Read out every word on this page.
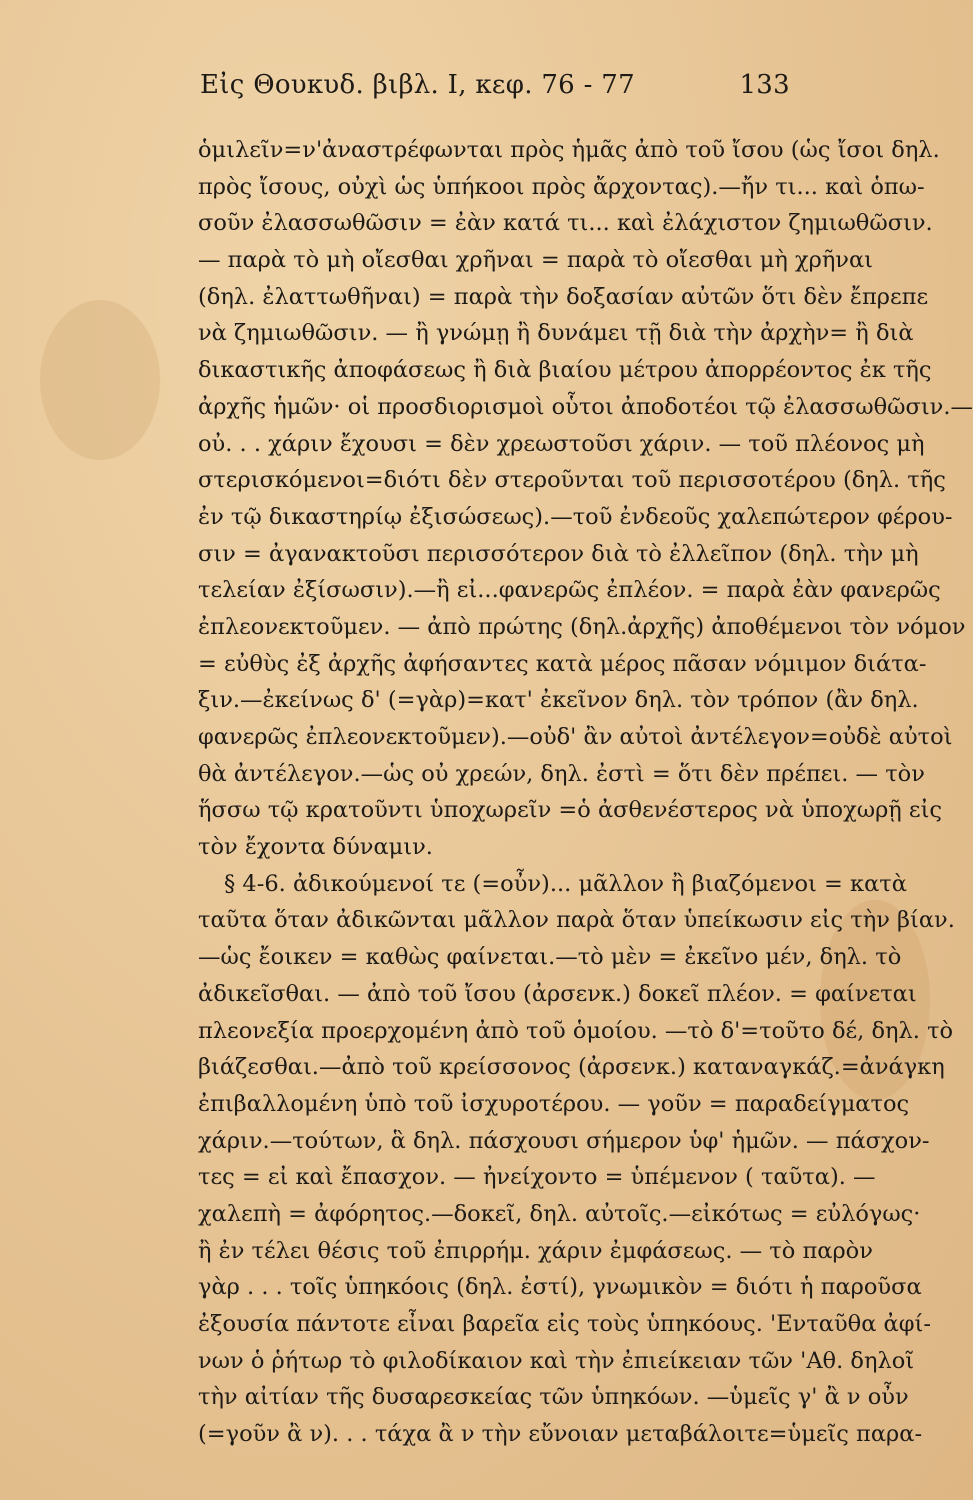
Εἰς Θουκυδ. βιβλ. I, κεφ. 76 - 77	133
ὁμιλεῖν=ν'ἀναστρέφωνται πρὸς ἡμᾶς ἀπὸ τοῦ ἴσου (ὡς ἴσοι δηλ.
πρὸς ἴσους, οὐχὶ ὡς ὑπήκοοι πρὸς ἄρχοντας).—ἤν τι... καὶ ὁπω-
σοῦν ἐλασσωθῶσιν = ἐὰν κατά τι... καὶ ἐλάχιστον ζημιωθῶσιν.
— παρὰ τὸ μὴ οἴεσθαι χρῆναι = παρὰ τὸ οἴεσθαι μὴ χρῆναι
(δηλ. ἐλαττωθῆναι) = παρὰ τὴν δοξασίαν αὐτῶν ὅτι δὲν ἔπρεπε
νὰ ζημιωθῶσιν. — ἢ γνώμῃ ἢ δυνάμει τῇ διὰ τὴν ἀρχὴν= ἢ διὰ
δικαστικῆς ἀποφάσεως ἢ διὰ βιαίου μέτρου ἀπορρέοντος ἐκ τῆς
ἀρχῆς ἡμῶν· οἱ προσδιορισμοὶ οὗτοι ἀποδοτέοι τῷ ἐλασσωθῶσιν.—
οὐ. . . χάριν ἔχουσι = δὲν χρεωστοῦσι χάριν. — τοῦ πλέονος μὴ
στερισκόμενοι=διότι δὲν στεροῦνται τοῦ περισσοτέρου (δηλ. τῆς
ἐν τῷ δικαστηρίῳ ἐξισώσεως).—τοῦ ἐνδεοῦς χαλεπώτερον φέρου-
σιν = ἀγανακτοῦσι περισσότερον διὰ τὸ ἐλλεῖπον (δηλ. τὴν μὴ
τελείαν ἐξίσωσιν).—ἢ εἰ...φανερῶς ἐπλέον. = παρὰ ἐὰν φανερῶς
ἐπλεονεκτοῦμεν. — ἀπὸ πρώτης (δηλ.ἀρχῆς) ἀποθέμενοι τὸν νόμον
= εὐθὺς ἐξ ἀρχῆς ἀφήσαντες κατὰ μέρος πᾶσαν νόμιμον διάτα-
ξιν.—ἐκείνως δ' (=γὰρ)=κατ' ἐκεῖνον δηλ. τὸν τρόπον (ἂν δηλ.
φανερῶς ἐπλεονεκτοῦμεν).—οὐδ' ἂν αὐτοὶ ἀντέλεγον=οὐδὲ αὐτοὶ
θὰ ἀντέλεγον.—ὡς οὐ χρεών, δηλ. ἐστὶ = ὅτι δὲν πρέπει. — τὸν
ἥσσω τῷ κρατοῦντι ὑποχωρεῖν =ὁ ἀσθενέστερος νὰ ὑποχωρῇ εἰς
τὸν ἔχοντα δύναμιν.
§ 4-6. ἀδικούμενοί τε (=οὖν)... μᾶλλον ἢ βιαζόμενοι = κατὰ
ταῦτα ὅταν ἀδικῶνται μᾶλλον παρὰ ὅταν ὑπείκωσιν εἰς τὴν βίαν.
—ὡς ἔοικεν = καθὼς φαίνεται.—τὸ μὲν = ἐκεῖνο μέν, δηλ. τὸ
ἀδικεῖσθαι. — ἀπὸ τοῦ ἴσου (ἀρσενκ.) δοκεῖ πλέον. = φαίνεται
πλεονεξία προερχομένη ἀπὸ τοῦ ὁμοίου. —τὸ δ'=τοῦτο δέ, δηλ. τὸ
βιάζεσθαι.—ἀπὸ τοῦ κρείσσονος (ἀρσενκ.) καταναγκάζ.=ἀνάγκη
ἐπιβαλλομένη ὑπὸ τοῦ ἰσχυροτέρου. — γοῦν = παραδείγματος
χάριν.—τούτων, ἃ δηλ. πάσχουσι σήμερον ὑφ' ἡμῶν. — πάσχον-
τες = εἰ καὶ ἔπασχον. — ἠνείχοντο = ὑπέμενον ( ταῦτα). —
χαλεπὴ = ἀφόρητος.—δοκεῖ, δηλ. αὐτοῖς.—εἰκότως = εὐλόγως·
ἢ ἐν τέλει θέσις τοῦ ἐπιρρήμ. χάριν ἐμφάσεως. — τὸ παρὸν
γὰρ . . . τοῖς ὑπηκόοις (δηλ. ἐστί), γνωμικὸν = διότι ἡ παροῦσα
ἐξουσία πάντοτε εἶναι βαρεῖα εἰς τοὺς ὑπηκόους. 'Ενταῦθα ἀφί-
νων ὁ ῥήτωρ τὸ φιλοδίκαιον καὶ τὴν ἐπιείκειαν τῶν 'Αθ. δηλοῖ
τὴν αἰτίαν τῆς δυσαρεσκείας τῶν ὑπηκόων. —ὑμεῖς γ' ἂ ν οὖν
(=γοῦν ἂ ν). . . τάχα ἂ ν τὴν εὔνοιαν μεταβάλοιτε=ὑμεῖς παρα-
